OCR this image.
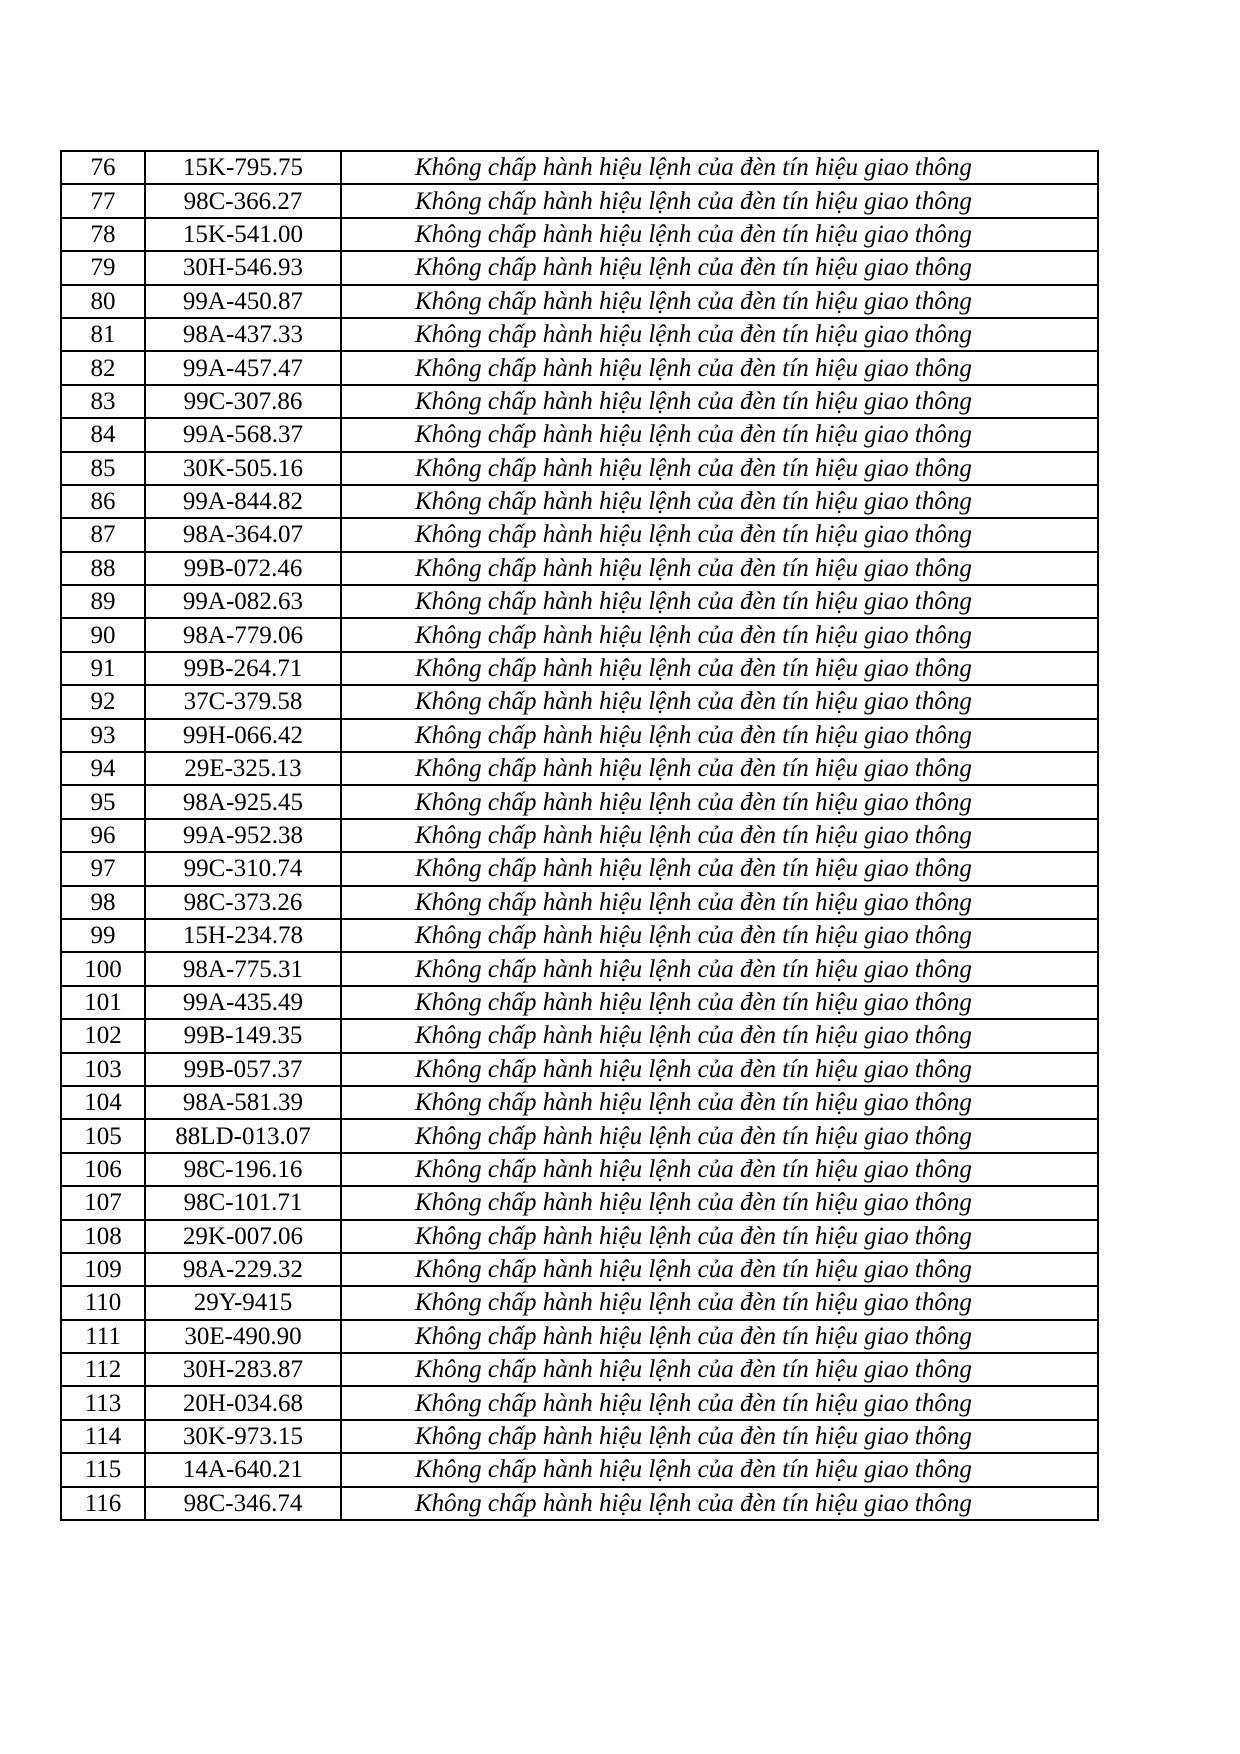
76	15K-795.75	Không chấp hành hiệu lệnh của đèn tín hiệu giao thông
77	98C-366.27	Không chấp hành hiệu lệnh của đèn tín hiệu giao thông
78	15K-541.00	Không chấp hành hiệu lệnh của đèn tín hiệu giao thông
79	30H-546.93	Không chấp hành hiệu lệnh của đèn tín hiệu giao thông
80	99A-450.87	Không chấp hành hiệu lệnh của đèn tín hiệu giao thông
81	98A-437.33	Không chấp hành hiệu lệnh của đèn tín hiệu giao thông
82	99A-457.47	Không chấp hành hiệu lệnh của đèn tín hiệu giao thông
83	99C-307.86	Không chấp hành hiệu lệnh của đèn tín hiệu giao thông
84	99A-568.37	Không chấp hành hiệu lệnh của đèn tín hiệu giao thông
85	30K-505.16	Không chấp hành hiệu lệnh của đèn tín hiệu giao thông
86	99A-844.82	Không chấp hành hiệu lệnh của đèn tín hiệu giao thông
87	98A-364.07	Không chấp hành hiệu lệnh của đèn tín hiệu giao thông
88	99B-072.46	Không chấp hành hiệu lệnh của đèn tín hiệu giao thông
89	99A-082.63	Không chấp hành hiệu lệnh của đèn tín hiệu giao thông
90	98A-779.06	Không chấp hành hiệu lệnh của đèn tín hiệu giao thông
91	99B-264.71	Không chấp hành hiệu lệnh của đèn tín hiệu giao thông
92	37C-379.58	Không chấp hành hiệu lệnh của đèn tín hiệu giao thông
93	99H-066.42	Không chấp hành hiệu lệnh của đèn tín hiệu giao thông
94	29E-325.13	Không chấp hành hiệu lệnh của đèn tín hiệu giao thông
95	98A-925.45	Không chấp hành hiệu lệnh của đèn tín hiệu giao thông
96	99A-952.38	Không chấp hành hiệu lệnh của đèn tín hiệu giao thông
97	99C-310.74	Không chấp hành hiệu lệnh của đèn tín hiệu giao thông
98	98C-373.26	Không chấp hành hiệu lệnh của đèn tín hiệu giao thông
99	15H-234.78	Không chấp hành hiệu lệnh của đèn tín hiệu giao thông
100	98A-775.31	Không chấp hành hiệu lệnh của đèn tín hiệu giao thông
101	99A-435.49	Không chấp hành hiệu lệnh của đèn tín hiệu giao thông
102	99B-149.35	Không chấp hành hiệu lệnh của đèn tín hiệu giao thông
103	99B-057.37	Không chấp hành hiệu lệnh của đèn tín hiệu giao thông
104	98A-581.39	Không chấp hành hiệu lệnh của đèn tín hiệu giao thông
105	88LD-013.07	Không chấp hành hiệu lệnh của đèn tín hiệu giao thông
106	98C-196.16	Không chấp hành hiệu lệnh của đèn tín hiệu giao thông
107	98C-101.71	Không chấp hành hiệu lệnh của đèn tín hiệu giao thông
108	29K-007.06	Không chấp hành hiệu lệnh của đèn tín hiệu giao thông
109	98A-229.32	Không chấp hành hiệu lệnh của đèn tín hiệu giao thông
110	29Y-9415	Không chấp hành hiệu lệnh của đèn tín hiệu giao thông
111	30E-490.90	Không chấp hành hiệu lệnh của đèn tín hiệu giao thông
112	30H-283.87	Không chấp hành hiệu lệnh của đèn tín hiệu giao thông
113	20H-034.68	Không chấp hành hiệu lệnh của đèn tín hiệu giao thông
114	30K-973.15	Không chấp hành hiệu lệnh của đèn tín hiệu giao thông
115	14A-640.21	Không chấp hành hiệu lệnh của đèn tín hiệu giao thông
116	98C-346.74	Không chấp hành hiệu lệnh của đèn tín hiệu giao thông
